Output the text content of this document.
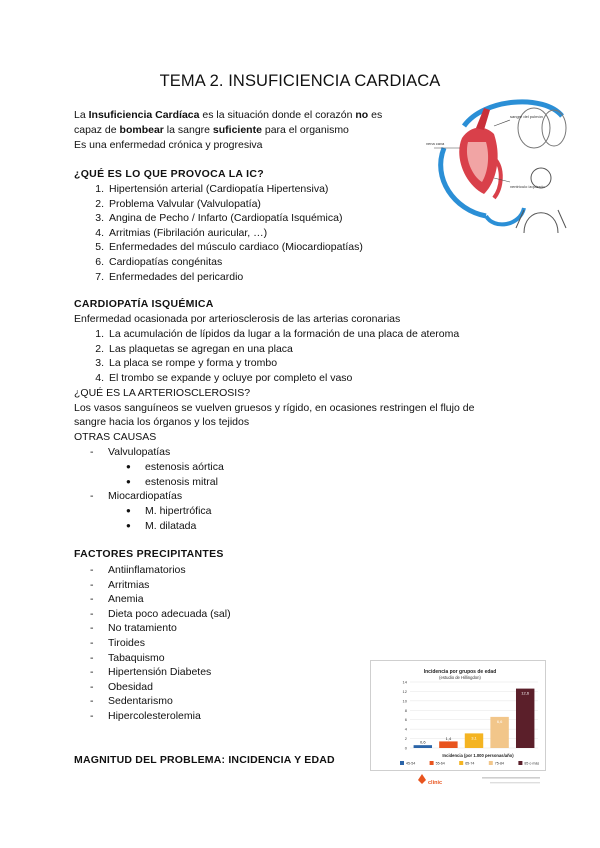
TEMA 2. INSUFICIENCIA CARDIACA
La Insuficiencia Cardíaca es la situación donde el corazón no es
capaz de bombear la sangre suficiente para el organismo
Es una enfermedad crónica y progresiva
sangre del pulmón
vena cava
ventrículo izquierdo
¿QUÉ ES LO QUE PROVOCA LA IC?
1. Hipertensión arterial (Cardiopatía Hipertensiva)
2. Problema Valvular (Valvulopatía)
3. Angina de Pecho / Infarto (Cardiopatía Isquémica)
4. Arritmias (Fibrilación auricular, …)
5. Enfermedades del músculo cardiaco (Miocardiopatías)
6. Cardiopatías congénitas
7. Enfermedades del pericardio
CARDIOPATÍA ISQUÉMICA
Enfermedad ocasionada por arteriosclerosis de las arterias coronarias
1. La acumulación de lípidos da lugar a la formación de una placa de ateroma
2. Las plaquetas se agregan en una placa
3. La placa se rompe y forma y trombo
4. El trombo se expande y ocluye por completo el vaso
¿QUÉ ES LA ARTERIOSCLEROSIS?
Los vasos sanguíneos se vuelven gruesos y rígido, en ocasiones restringen el flujo de
sangre hacia los órganos y los tejidos
OTRAS CAUSAS
- Valvulopatías
● estenosis aórtica
● estenosis mitral
- Miocardiopatías
● M. hipertrófica
● M. dilatada
FACTORES PRECIPITANTES
- Antiinflamatorios
- Arritmias
- Anemia
- Dieta poco adecuada (sal)
- No tratamiento
- Tiroides
- Tabaquismo
- Hipertensión Diabetes
- Obesidad
- Sedentarismo
- Hipercolesterolemia
MAGNITUD DEL PROBLEMA: INCIDENCIA Y EDAD
0
2
4
6
8
10
12
14
0,6
1,4	3,1
6,6
12,6
Incidencia por grupos de edad
(estudio de Hillingdon)
Incidencia (por 1.000 personas/año)
45-54	55-64	65-74	75-84	85 o más
clinic
